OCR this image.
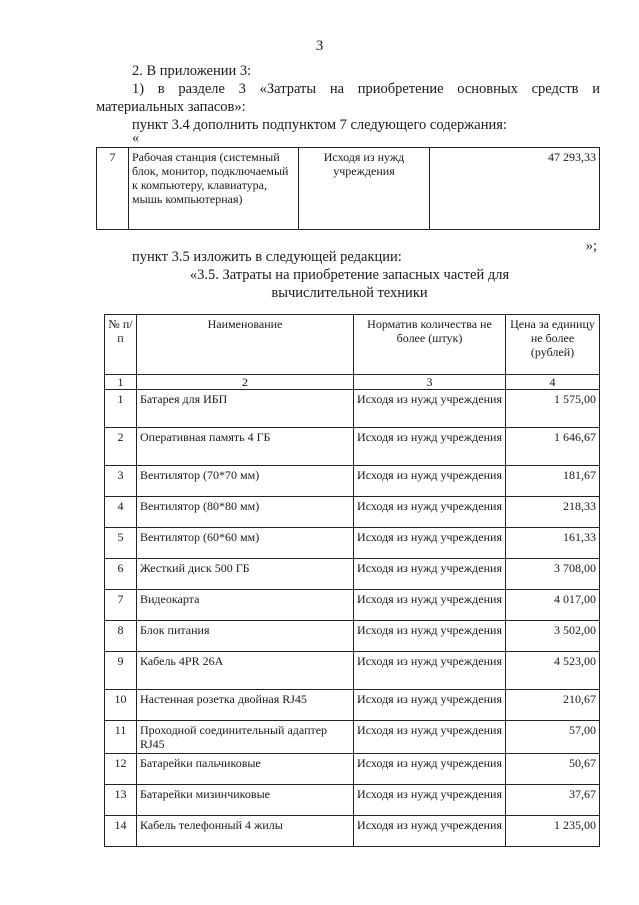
3
2. В приложении 3:
1) в разделе 3 «Затраты на приобретение основных средств и
материальных запасов»:
пункт 3.4 дополнить подпунктом 7 следующего содержания:
«
7	Рабочая станция (системный блок, монитор, подключаемый к компьютеру, клавиатура, мышь компьютерная)	Исходя из нужд учреждения	47 293,33
»;
пункт 3.5 изложить в следующей редакции:
«3.5. Затраты на приобретение запасных частей для
вычислительной техники
№ п/п	Наименование	Норматив количества не более (штук)	Цена за единицу не более (рублей)
1	2	3	4
1	Батарея для ИБП	Исходя из нужд учреждения	1 575,00
2	Оперативная память 4 ГБ	Исходя из нужд учреждения	1 646,67
3	Вентилятор (70*70 мм)	Исходя из нужд учреждения	181,67
4	Вентилятор (80*80 мм)	Исходя из нужд учреждения	218,33
5	Вентилятор (60*60 мм)	Исходя из нужд учреждения	161,33
6	Жесткий диск 500 ГБ	Исходя из нужд учреждения	3 708,00
7	Видеокарта	Исходя из нужд учреждения	4 017,00
8	Блок питания	Исходя из нужд учреждения	3 502,00
9	Кабель 4PR 26A	Исходя из нужд учреждения	4 523,00
10	Настенная розетка двойная RJ45	Исходя из нужд учреждения	210,67
11	Проходной соединительный адаптер RJ45	Исходя из нужд учреждения	57,00
12	Батарейки пальчиковые	Исходя из нужд учреждения	50,67
13	Батарейки мизинчиковые	Исходя из нужд учреждения	37,67
14	Кабель телефонный 4 жилы	Исходя из нужд учреждения	1 235,00
